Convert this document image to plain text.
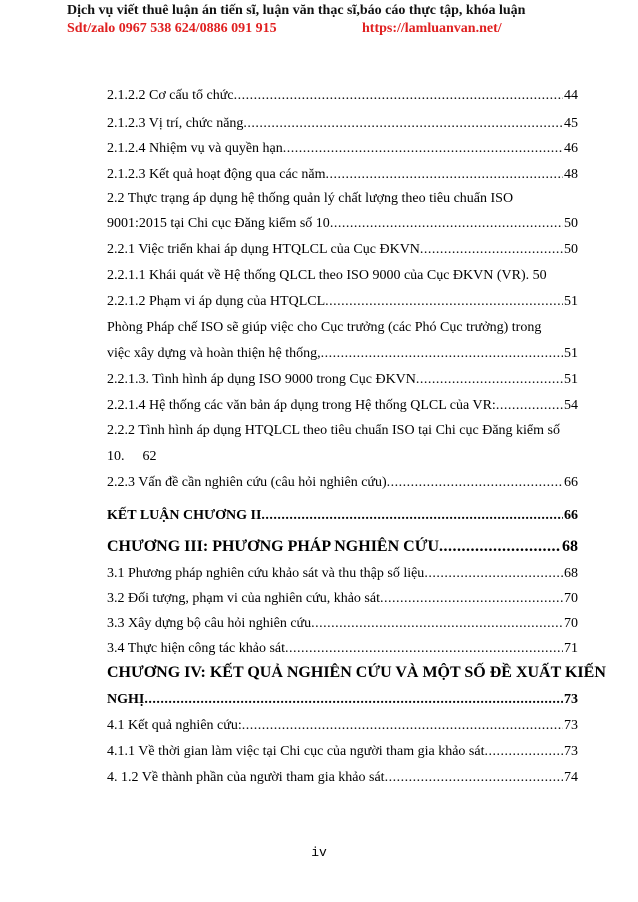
Dịch vụ viết thuê luận án tiến sĩ, luận văn thạc sĩ,báo cáo thực tập, khóa luận
Sdt/zalo 0967 538 624/0886 091 915	https://lamluanvan.net/
2.1.2.2 Cơ cấu tổ chức .....	44
2.1.2.3 Vị trí, chức năng .....	45
2.1.2.4 Nhiệm vụ và quyền hạn .....	46
2.1.2.3 Kết quả hoạt động qua các năm .....	48
2.2 Thực trạng áp dụng hệ thống quản lý chất lượng theo tiêu chuẩn ISO
9001:2015 tại Chi cục Đăng kiểm số 10 .....	50
2.2.1 Việc triển khai áp dụng HTQLCL của Cục ĐKVN .....	50
2.2.1.1 Khái quát về Hệ thống QLCL theo ISO 9000 của Cục ĐKVN (VR). 50
2.2.1.2 Phạm vi áp dụng của HTQLCL .....	51
Phòng Pháp chế ISO sẽ giúp việc cho Cục trưởng (các Phó Cục trưởng) trong
việc xây dựng và hoàn thiện hệ thống, .....	51
2.2.1.3. Tình hình áp dụng ISO 9000 trong Cục ĐKVN .....	51
2.2.1.4 Hệ thống các văn bản áp dụng trong Hệ thống QLCL của VR: .....	54
2.2.2 Tình hình áp dụng HTQLCL theo tiêu chuẩn ISO tại Chi cục Đăng kiểm số
10. 62
2.2.3 Vấn đề cần nghiên cứu (câu hỏi nghiên cứu) .....	66
KẾT LUẬN CHƯƠNG II .....	66
CHƯƠNG III: PHƯƠNG PHÁP NGHIÊN CỨU .....	68
3.1 Phương pháp nghiên cứu khảo sát và thu thập số liệu .....	68
3.2 Đối tượng, phạm vi của nghiên cứu, khảo sát .....	70
3.3 Xây dựng bộ câu hỏi nghiên cứu .....	70
3.4 Thực hiện công tác khảo sát .....	71
CHƯƠNG IV: KẾT QUẢ NGHIÊN CỨU VÀ MỘT SỐ ĐỀ XUẤT KIẾN
NGHỊ .....	73
4.1 Kết quả nghiên cứu: .....	73
4.1.1 Về thời gian làm việc tại Chi cục của người tham gia khảo sát .....	73
4. 1.2 Về thành phần của người tham gia khảo sát .....	74
iv
